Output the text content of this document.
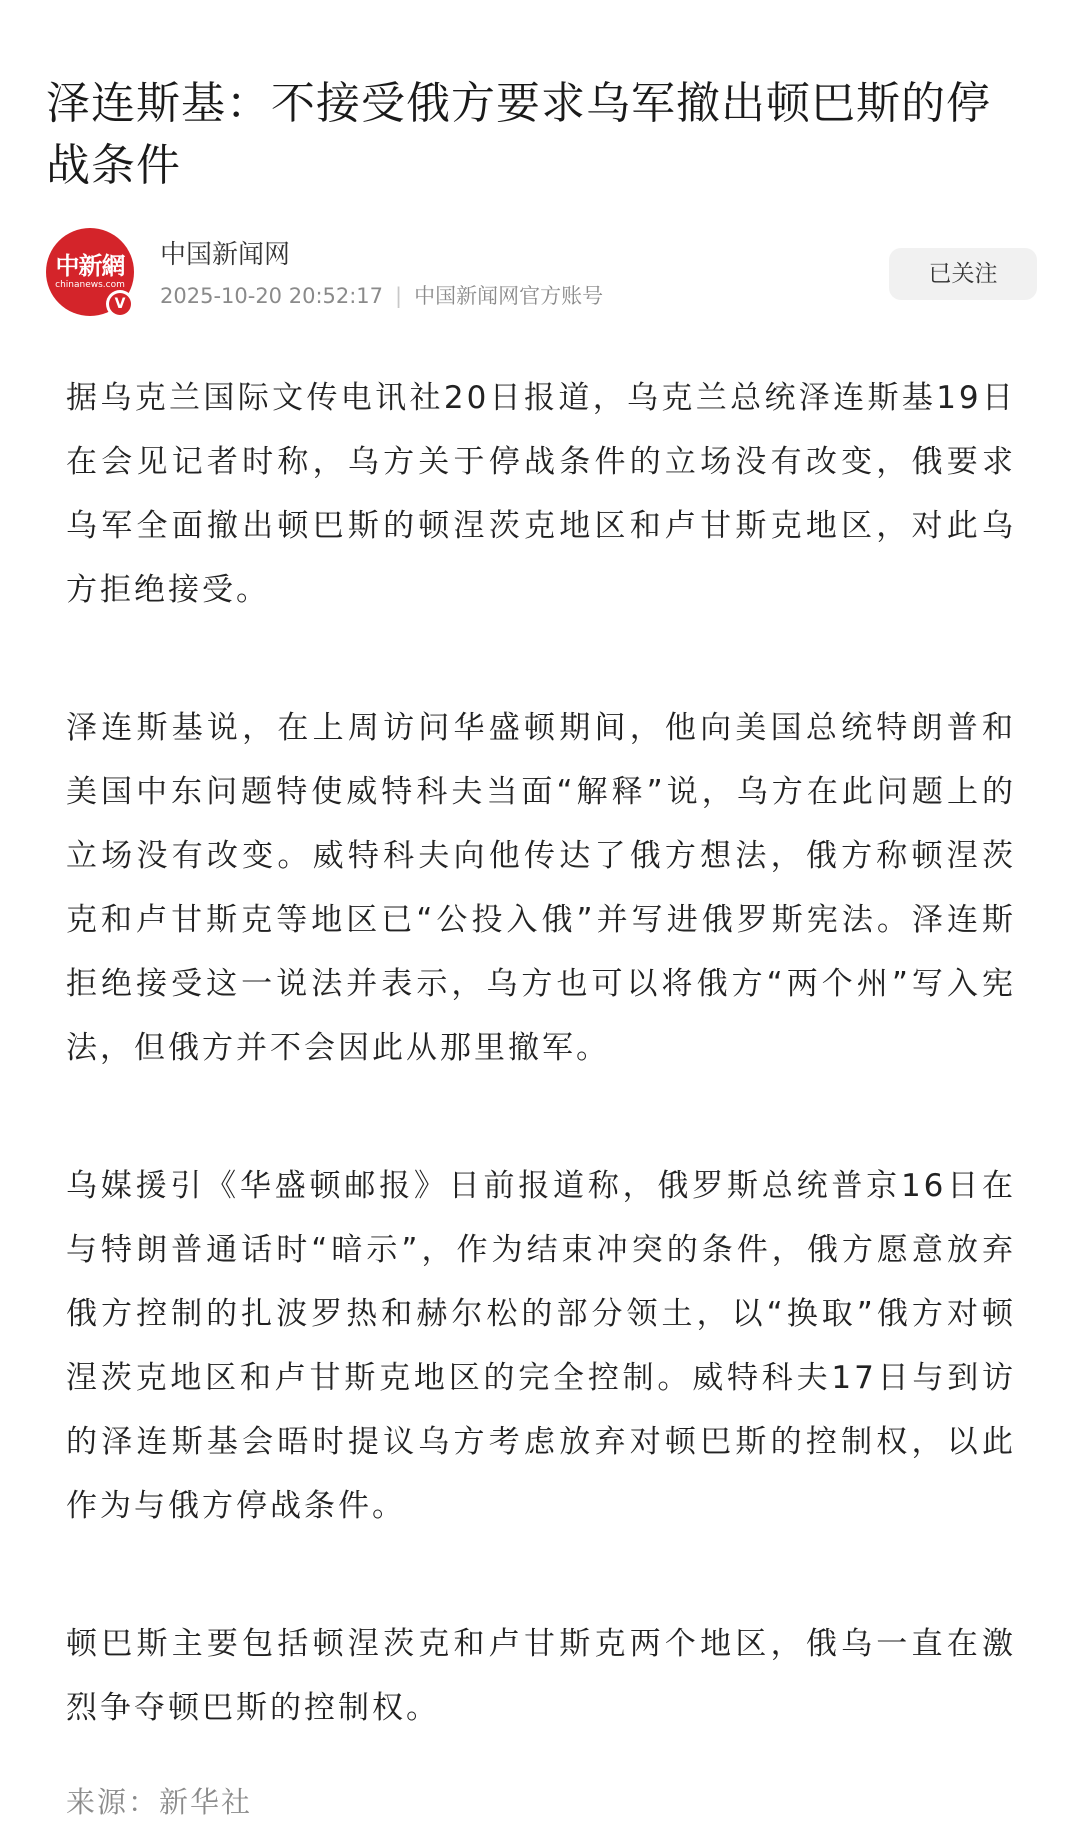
泽连斯基：不接受俄方要求乌军撤出顿巴斯的停战条件
中新網
chinanews.com
V
中国新闻网
2025-10-20 20:52:17 | 中国新闻网官方账号
已关注

据乌克兰国际文传电讯社20日报道，乌克兰总统泽连斯基19日在会见记者时称，乌方关于停战条件的立场没有改变，俄要求乌军全面撤出顿巴斯的顿涅茨克地区和卢甘斯克地区，对此乌方拒绝接受。

泽连斯基说，在上周访问华盛顿期间，他向美国总统特朗普和美国中东问题特使威特科夫当面“解释”说，乌方在此问题上的立场没有改变。威特科夫向他传达了俄方想法，俄方称顿涅茨克和卢甘斯克等地区已“公投入俄”并写进俄罗斯宪法。泽连斯拒绝接受这一说法并表示，乌方也可以将俄方“两个州”写入宪法，但俄方并不会因此从那里撤军。

乌媒援引《华盛顿邮报》日前报道称，俄罗斯总统普京16日在与特朗普通话时“暗示”，作为结束冲突的条件，俄方愿意放弃俄方控制的扎波罗热和赫尔松的部分领土，以“换取”俄方对顿涅茨克地区和卢甘斯克地区的完全控制。威特科夫17日与到访的泽连斯基会晤时提议乌方考虑放弃对顿巴斯的控制权，以此作为与俄方停战条件。

顿巴斯主要包括顿涅茨克和卢甘斯克两个地区，俄乌一直在激烈争夺顿巴斯的控制权。

来源：新华社
